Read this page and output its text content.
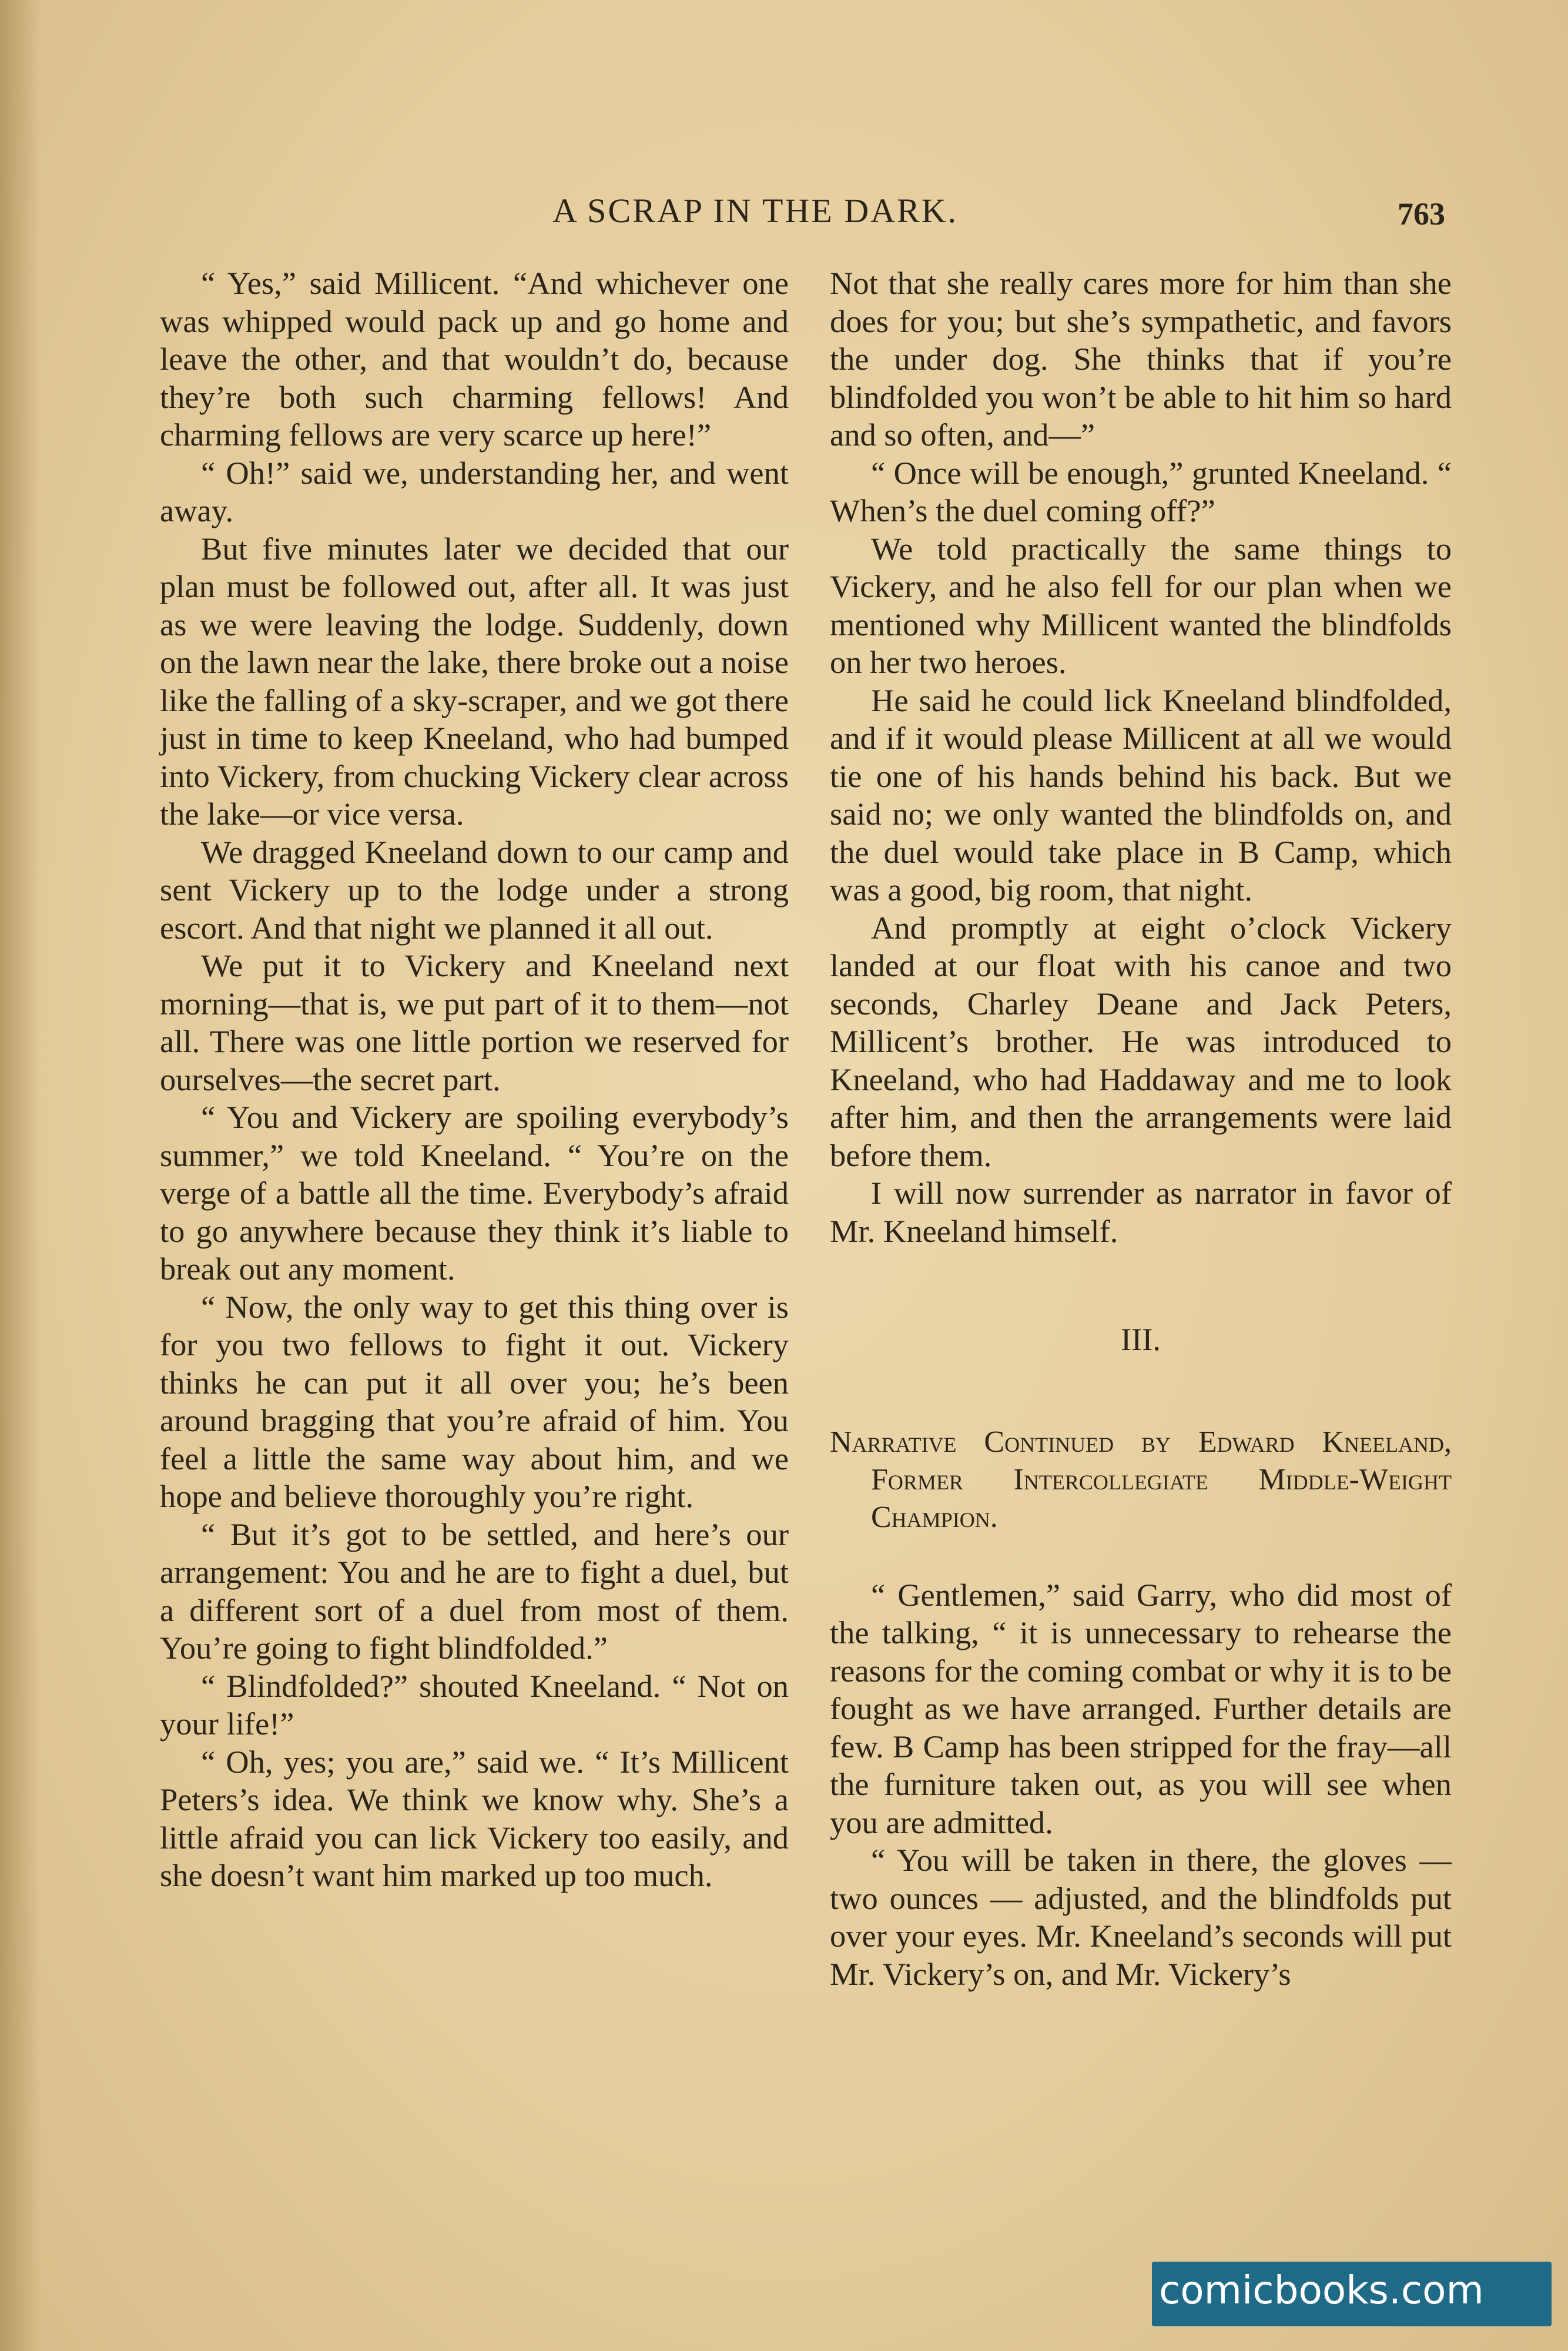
A SCRAP IN THE DARK.	763

“ Yes,” said Millicent. “And whichever one was whipped would pack up and go home and leave the other, and that wouldn’t do, because they’re both such charming fellows! And charming fellows are very scarce up here!”

“ Oh!” said we, understanding her, and went away.

But five minutes later we decided that our plan must be followed out, after all. It was just as we were leaving the lodge. Suddenly, down on the lawn near the lake, there broke out a noise like the falling of a sky-scraper, and we got there just in time to keep Kneeland, who had bumped into Vickery, from chucking Vickery clear across the lake—or vice versa.

We dragged Kneeland down to our camp and sent Vickery up to the lodge under a strong escort. And that night we planned it all out.

We put it to Vickery and Kneeland next morning—that is, we put part of it to them—not all. There was one little portion we reserved for ourselves—the secret part.

“ You and Vickery are spoiling everybody’s summer,” we told Kneeland. “ You’re on the verge of a battle all the time. Everybody’s afraid to go anywhere because they think it’s liable to break out any moment.

“ Now, the only way to get this thing over is for you two fellows to fight it out. Vickery thinks he can put it all over you; he’s been around bragging that you’re afraid of him. You feel a little the same way about him, and we hope and believe thoroughly you’re right.

“ But it’s got to be settled, and here’s our arrangement: You and he are to fight a duel, but a different sort of a duel from most of them. You’re going to fight blindfolded.”

“ Blindfolded?” shouted Kneeland. “ Not on your life!”

“ Oh, yes; you are,” said we. “ It’s Millicent Peters’s idea. We think we know why. She’s a little afraid you can lick Vickery too easily, and she doesn’t want him marked up too much.

Not that she really cares more for him than she does for you; but she’s sympathetic, and favors the under dog. She thinks that if you’re blindfolded you won’t be able to hit him so hard and so often, and—”

“ Once will be enough,” grunted Kneeland. “ When’s the duel coming off?”

We told practically the same things to Vickery, and he also fell for our plan when we mentioned why Millicent wanted the blindfolds on her two heroes.

He said he could lick Kneeland blindfolded, and if it would please Millicent at all we would tie one of his hands behind his back. But we said no; we only wanted the blindfolds on, and the duel would take place in B Camp, which was a good, big room, that night.

And promptly at eight o’clock Vickery landed at our float with his canoe and two seconds, Charley Deane and Jack Peters, Millicent’s brother. He was introduced to Kneeland, who had Haddaway and me to look after him, and then the arrangements were laid before them.

I will now surrender as narrator in favor of Mr. Kneeland himself.

III.

Narrative Continued by Edward Kneeland, Former Intercollegiate Middle-Weight Champion.

“ Gentlemen,” said Garry, who did most of the talking, “ it is unnecessary to rehearse the reasons for the coming combat or why it is to be fought as we have arranged. Further details are few. B Camp has been stripped for the fray—all the furniture taken out, as you will see when you are admitted.

“ You will be taken in there, the gloves — two ounces — adjusted, and the blindfolds put over your eyes. Mr. Kneeland’s seconds will put Mr. Vickery’s on, and Mr. Vickery’s

comicbooks.com
